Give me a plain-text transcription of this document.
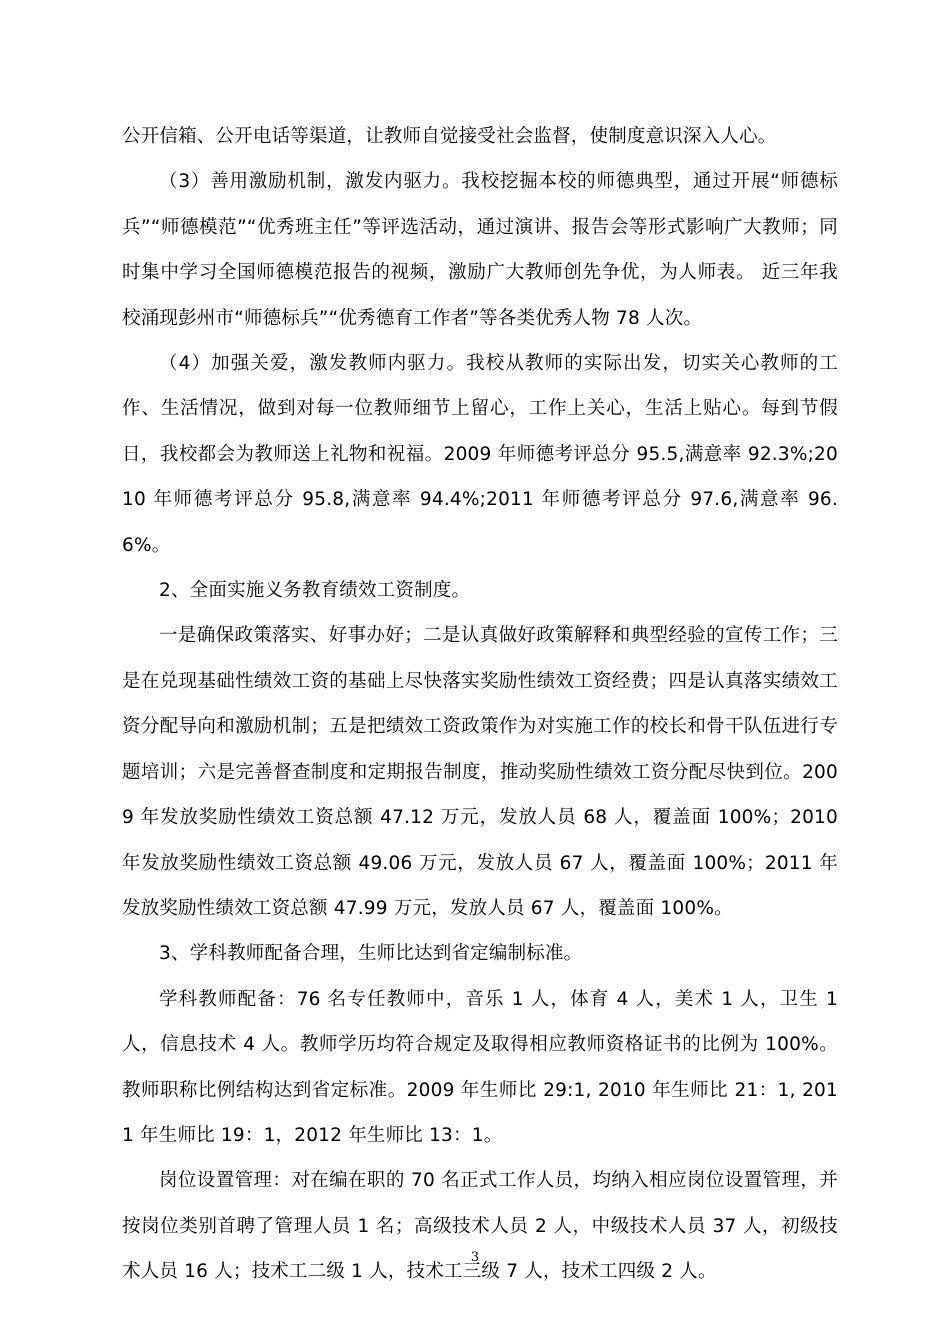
公开信箱、公开电话等渠道，让教师自觉接受社会监督，使制度意识深入人心。

（3）善用激励机制，激发内驱力。我校挖掘本校的师德典型，通过开展“师德标兵”“师德模范”“优秀班主任”等评选活动，通过演讲、报告会等形式影响广大教师；同时集中学习全国师德模范报告的视频，激励广大教师创先争优，为人师表。 近三年我校涌现彭州市“师德标兵”“优秀德育工作者”等各类优秀人物 78 人次。

（4）加强关爱，激发教师内驱力。我校从教师的实际出发，切实关心教师的工作、生活情况，做到对每一位教师细节上留心，工作上关心，生活上贴心。每到节假日，我校都会为教师送上礼物和祝福。2009 年师德考评总分 95.5,满意率 92.3%;2010 年师德考评总分 95.8,满意率 94.4%;2011 年师德考评总分 97.6,满意率 96.6%。

2、全面实施义务教育绩效工资制度。

一是确保政策落实、好事办好；二是认真做好政策解释和典型经验的宣传工作；三是在兑现基础性绩效工资的基础上尽快落实奖励性绩效工资经费；四是认真落实绩效工资分配导向和激励机制；五是把绩效工资政策作为对实施工作的校长和骨干队伍进行专题培训；六是完善督查制度和定期报告制度，推动奖励性绩效工资分配尽快到位。2009 年发放奖励性绩效工资总额 47.12 万元，发放人员 68 人，覆盖面 100%；2010 年发放奖励性绩效工资总额 49.06 万元，发放人员 67 人，覆盖面 100%；2011 年发放奖励性绩效工资总额 47.99 万元，发放人员 67 人，覆盖面 100%。

3、学科教师配备合理，生师比达到省定编制标准。

学科教师配备：76 名专任教师中，音乐 1 人，体育 4 人，美术 1 人，卫生 1 人，信息技术 4 人。教师学历均符合规定及取得相应教师资格证书的比例为 100%。教师职称比例结构达到省定标准。2009 年生师比 29:1, 2010 年生师比 21：1, 2011 年生师比 19：1，2012 年生师比 13：1。

岗位设置管理：对在编在职的 70 名正式工作人员，均纳入相应岗位设置管理，并按岗位类别首聘了管理人员 1 名；高级技术人员 2 人，中级技术人员 37 人，初级技术人员 16 人；技术工二级 1 人，技术工三级 7 人，技术工四级 2 人。

3
